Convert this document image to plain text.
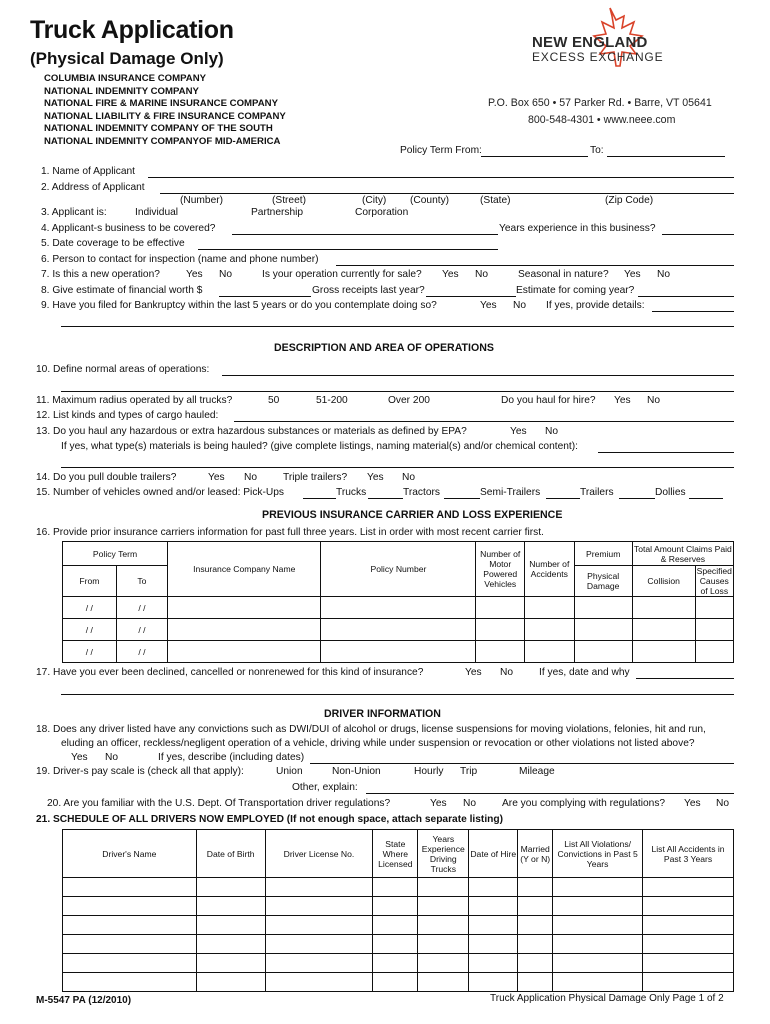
Truck Application
(Physical Damage Only)
COLUMBIA INSURANCE COMPANY
NATIONAL INDEMNITY COMPANY
NATIONAL FIRE & MARINE INSURANCE COMPANY
NATIONAL LIABILITY & FIRE INSURANCE COMPANY
NATIONAL INDEMNITY COMPANY OF THE SOUTH
NATIONAL INDEMNITY COMPANYOF MID-AMERICA
NEW ENGLAND
EXCESS EXCHANGE
P.O. Box 650 • 57 Parker Rd. • Barre, VT 05641
800-548-4301 • www.neee.com
Policy Term From:	To:
1. Name of Applicant
2. Address of Applicant
(Number)	(Street)	(City) (County)	(State)	(Zip Code)
3. Applicant is:	Individual	Partnership	Corporation
4. Applicant-s business to be covered?	Years experience in this business?
5. Date coverage to be effective
6. Person to contact for inspection (name and phone number)
7. Is this a new operation?	Yes No	Is your operation currently for sale? Yes No	Seasonal in nature? Yes No
8. Give estimate of financial worth $	Gross receipts last year?	Estimate for coming year?
9. Have you filed for Bankruptcy within the last 5 years or do you contemplate doing so?	Yes No If yes, provide details:
DESCRIPTION AND AREA OF OPERATIONS
10. Define normal areas of operations:
11. Maximum radius operated by all trucks?	50	51-200	Over 200	Do you haul for hire? Yes No
12. List kinds and types of cargo hauled:
13. Do you haul any hazardous or extra hazardous substances or materials as defined by EPA?	Yes No
If yes, what type(s) materials is being hauled? (give complete listings, naming material(s) and/or chemical content):
14. Do you pull double trailers?	Yes No	Triple trailers? Yes No
15. Number of vehicles owned and/or leased: Pick-Ups	Trucks	Tractors	Semi-Trailers	Trailers	Dollies
PREVIOUS INSURANCE CARRIER AND LOSS EXPERIENCE
16. Provide prior insurance carriers information for past full three years. List in order with most recent carrier first.
Policy Term		Insurance Company Name	Policy Number	Number of Motor Powered Vehicles	Number of Accidents	Premium	Total Amount Claims Paid & Reserves	
From	To					Physical Damage	Collision	Specified Causes of Loss
/ /	/ /							
/ /	/ /							
/ /	/ /							
17. Have you ever been declined, cancelled or nonrenewed for this kind of insurance?	Yes No	If yes, date and why
DRIVER INFORMATION
18. Does any driver listed have any convictions such as DWI/DUI of alcohol or drugs, license suspensions for moving violations, felonies, hit and run,
eluding an officer, reckless/negligent operation of a vehicle, driving while under suspension or revocation or other violations not listed above?
Yes No	If yes, describe (including dates)
19. Driver-s pay scale is (check all that apply):	Union	Non-Union	Hourly Trip	Mileage
Other, explain:
20. Are you familiar with the U.S. Dept. Of Transportation driver regulations?	Yes No	Are you complying with regulations? Yes No
21. SCHEDULE OF ALL DRIVERS NOW EMPLOYED (If not enough space, attach separate listing)
Driver's Name	Date of Birth	Driver License No.	State Where Licensed	Years Experience Driving Trucks	Date of Hire	Married (Y or N)	List All Violations/ Convictions in Past 5 Years	List All Accidents in Past 3 Years

M-5547 PA (12/2010)	Truck Application Physical Damage Only Page 1 of 2
